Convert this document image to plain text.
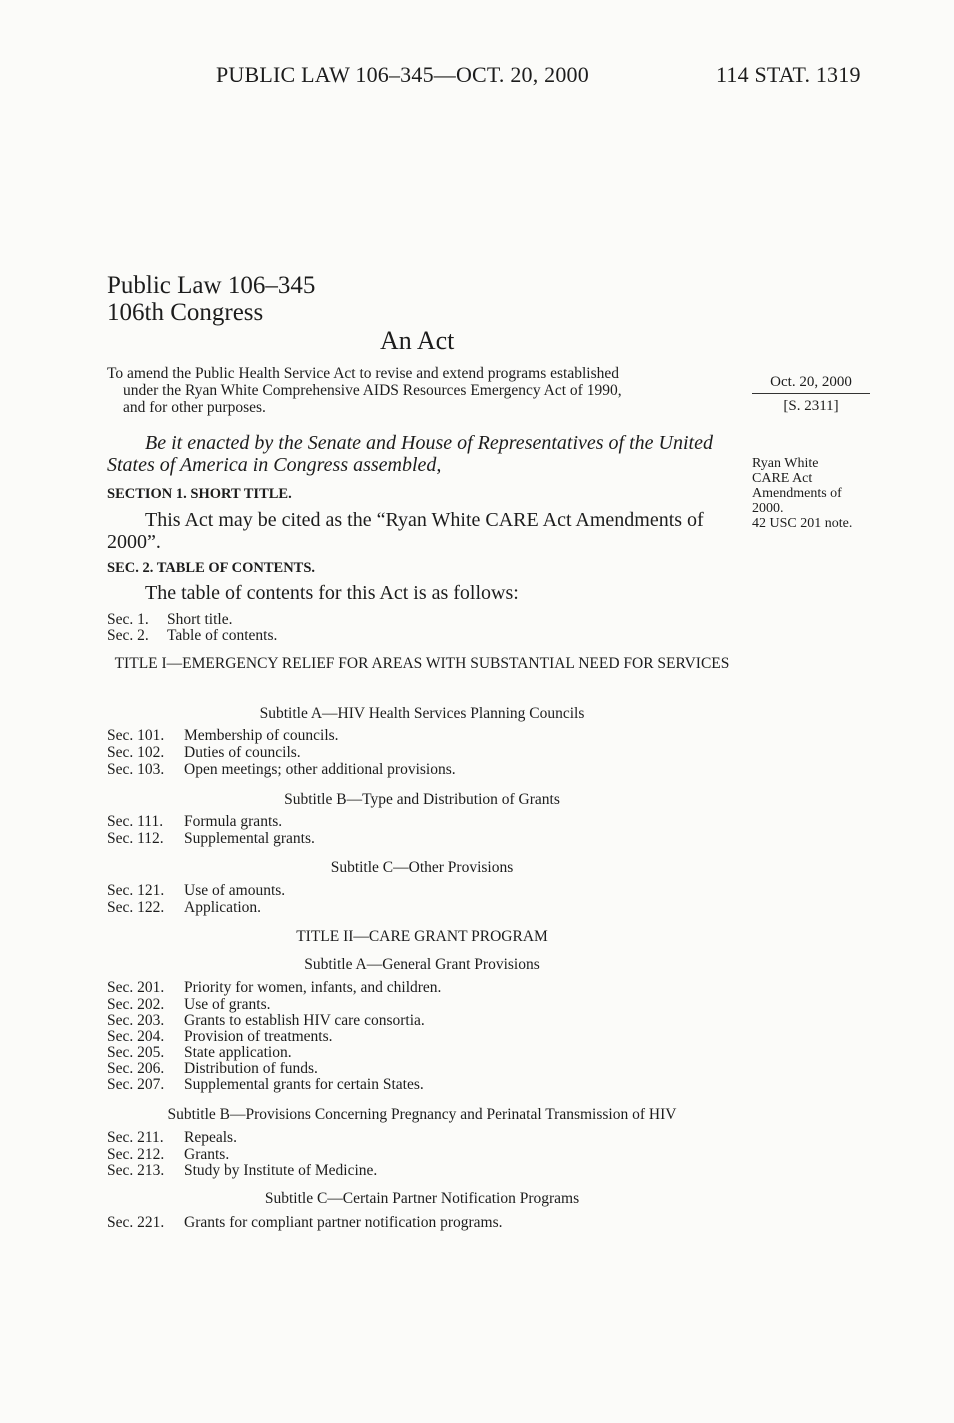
PUBLIC LAW 106–345—OCT. 20, 2000	114 STAT. 1319
Public Law 106–345
106th Congress
An Act
To amend the Public Health Service Act to revise and extend programs established
under the Ryan White Comprehensive AIDS Resources Emergency Act of 1990,
and for other purposes.
Oct. 20, 2000
[S. 2311]
Ryan White
CARE Act
Amendments of
2000.
42 USC 201 note.
Be it enacted by the Senate and House of Representatives of the United States of America in Congress assembled,
SECTION 1. SHORT TITLE.
This Act may be cited as the “Ryan White CARE Act Amendments of 2000”.
SEC. 2. TABLE OF CONTENTS.
The table of contents for this Act is as follows:
Sec. 1. Short title.
Sec. 2. Table of contents.
TITLE I—EMERGENCY RELIEF FOR AREAS WITH SUBSTANTIAL NEED FOR SERVICES
Subtitle A—HIV Health Services Planning Councils
Sec. 101. Membership of councils.
Sec. 102. Duties of councils.
Sec. 103. Open meetings; other additional provisions.
Subtitle B—Type and Distribution of Grants
Sec. 111. Formula grants.
Sec. 112. Supplemental grants.
Subtitle C—Other Provisions
Sec. 121. Use of amounts.
Sec. 122. Application.
TITLE II—CARE GRANT PROGRAM
Subtitle A—General Grant Provisions
Sec. 201. Priority for women, infants, and children.
Sec. 202. Use of grants.
Sec. 203. Grants to establish HIV care consortia.
Sec. 204. Provision of treatments.
Sec. 205. State application.
Sec. 206. Distribution of funds.
Sec. 207. Supplemental grants for certain States.
Subtitle B—Provisions Concerning Pregnancy and Perinatal Transmission of HIV
Sec. 211. Repeals.
Sec. 212. Grants.
Sec. 213. Study by Institute of Medicine.
Subtitle C—Certain Partner Notification Programs
Sec. 221. Grants for compliant partner notification programs.
